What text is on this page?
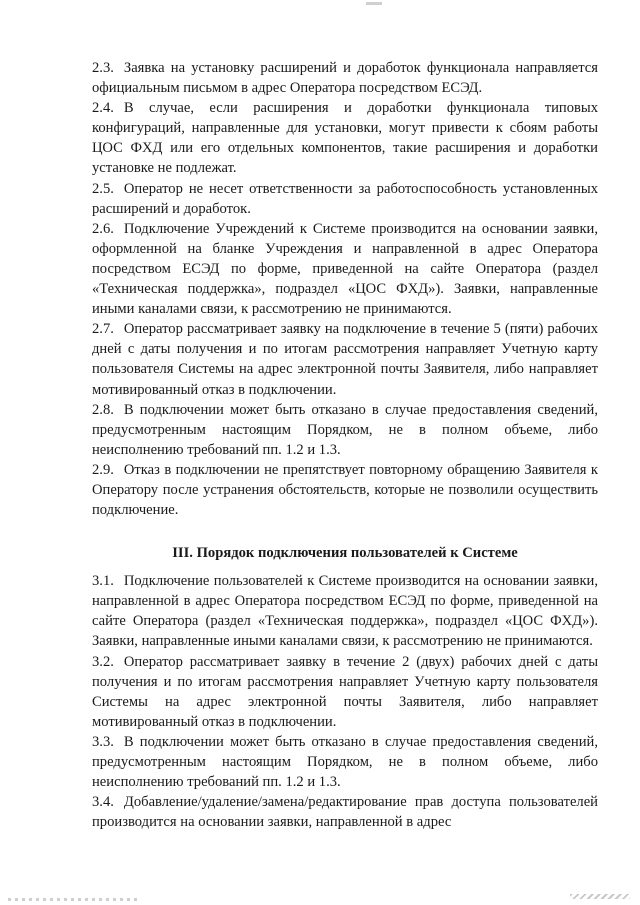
2.3. Заявка на установку расширений и доработок функционала направляется официальным письмом в адрес Оператора посредством ЕСЭД.

2.4. В случае, если расширения и доработки функционала типовых конфигураций, направленные для установки, могут привести к сбоям работы ЦОС ФХД или его отдельных компонентов, такие расширения и доработки установке не подлежат.

2.5. Оператор не несет ответственности за работоспособность установленных расширений и доработок.

2.6. Подключение Учреждений к Системе производится на основании заявки, оформленной на бланке Учреждения и направленной в адрес Оператора посредством ЕСЭД по форме, приведенной на сайте Оператора (раздел «Техническая поддержка», подраздел «ЦОС ФХД»). Заявки, направленные иными каналами связи, к рассмотрению не принимаются.

2.7. Оператор рассматривает заявку на подключение в течение 5 (пяти) рабочих дней с даты получения и по итогам рассмотрения направляет Учетную карту пользователя Системы на адрес электронной почты Заявителя, либо направляет мотивированный отказ в подключении.

2.8. В подключении может быть отказано в случае предоставления сведений, предусмотренным настоящим Порядком, не в полном объеме, либо неисполнению требований пп. 1.2 и 1.3.

2.9. Отказ в подключении не препятствует повторному обращению Заявителя к Оператору после устранения обстоятельств, которые не позволили осуществить подключение.

III. Порядок подключения пользователей к Системе

3.1. Подключение пользователей к Системе производится на основании заявки, направленной в адрес Оператора посредством ЕСЭД по форме, приведенной на сайте Оператора (раздел «Техническая поддержка», подраздел «ЦОС ФХД»). Заявки, направленные иными каналами связи, к рассмотрению не принимаются.

3.2. Оператор рассматривает заявку в течение 2 (двух) рабочих дней с даты получения и по итогам рассмотрения направляет Учетную карту пользователя Системы на адрес электронной почты Заявителя, либо направляет мотивированный отказ в подключении.

3.3. В подключении может быть отказано в случае предоставления сведений, предусмотренным настоящим Порядком, не в полном объеме, либо неисполнению требований пп. 1.2 и 1.3.

3.4. Добавление/удаление/замена/редактирование прав доступа пользователей производится на основании заявки, направленной в адрес
